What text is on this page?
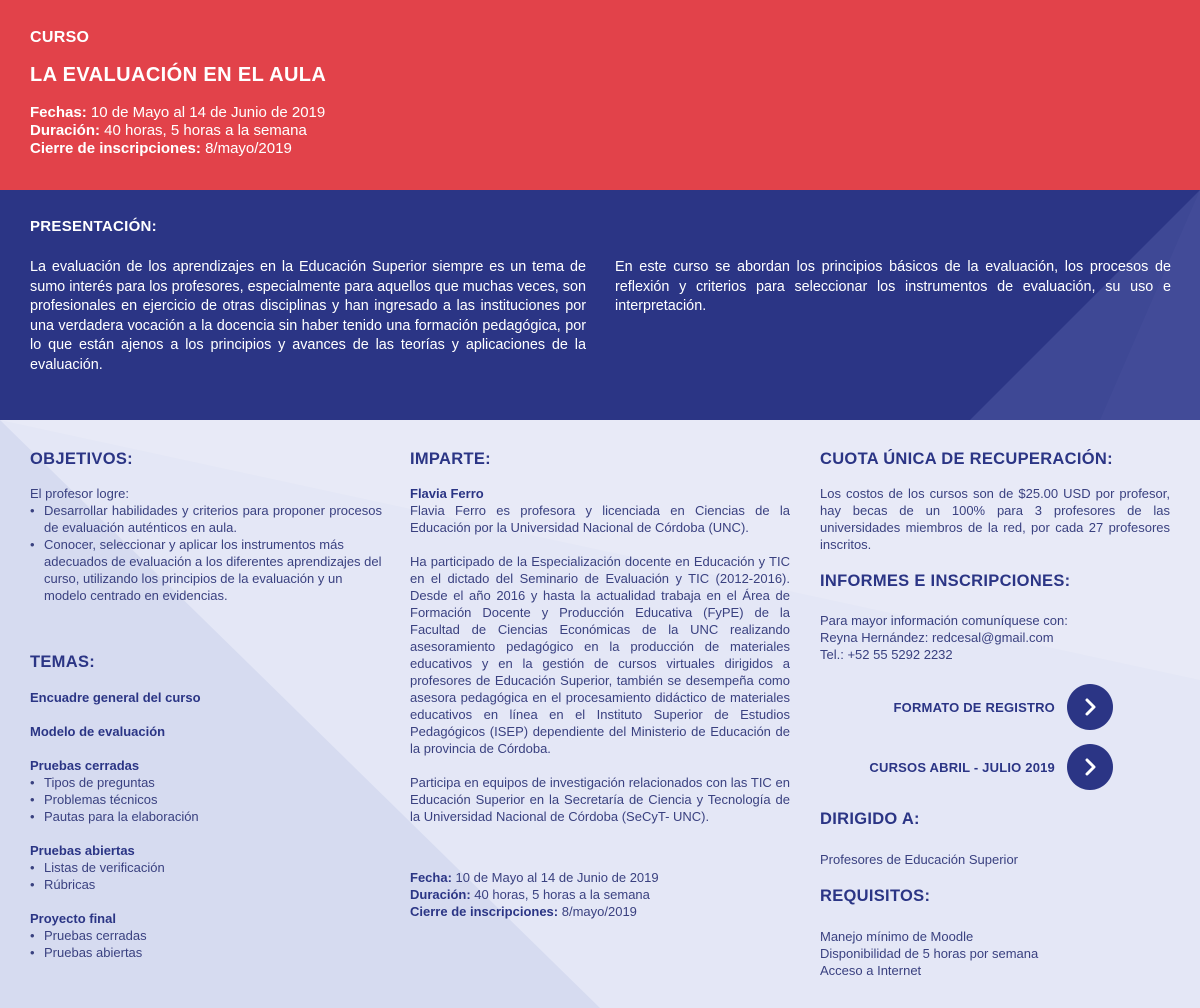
CURSO
LA EVALUACIÓN EN EL AULA
Fechas: 10 de Mayo al 14 de Junio de 2019
Duración: 40 horas, 5 horas a la semana
Cierre de inscripciones: 8/mayo/2019
PRESENTACIÓN:

La evaluación de los aprendizajes en la Educación Superior siempre es un tema de sumo interés para los profesores, especialmente para aquellos que muchas veces, son profesionales en ejercicio de otras disciplinas y han ingresado a las instituciones por una verdadera vocación a la docencia sin haber tenido una formación pedagógica, por lo que están ajenos a los principios y avances de las teorías y aplicaciones de la evaluación.

En este curso se abordan los principios básicos de la evaluación, los procesos de reflexión y criterios para seleccionar los instrumentos de evaluación, su uso e interpretación.

OBJETIVOS:
El profesor logre:
• Desarrollar habilidades y criterios para proponer procesos de evaluación auténticos en aula.
• Conocer, seleccionar y aplicar los instrumentos más adecuados de evaluación a los diferentes aprendizajes del curso, utilizando los principios de la evaluación y un modelo centrado en evidencias.
TEMAS:
Encuadre general del curso
Modelo de evaluación
Pruebas cerradas
• Tipos de preguntas
• Problemas técnicos
• Pautas para la elaboración
Pruebas abiertas
• Listas de verificación
• Rúbricas
Proyecto final
• Pruebas cerradas
• Pruebas abiertas
IMPARTE:
Flavia Ferro

Flavia Ferro es profesora y licenciada en Ciencias de la Educación por la Universidad Nacional de Córdoba (UNC).

Ha participado de la Especialización docente en Educación y TIC en el dictado del Seminario de Evaluación y TIC (2012-2016). Desde el año 2016 y hasta la actualidad trabaja en el Área de Formación Docente y Producción Educativa (FyPE) de la Facultad de Ciencias Económicas de la UNC realizando asesoramiento pedagógico en la producción de materiales educativos y en la gestión de cursos virtuales dirigidos a profesores de Educación Superior, también se desempeña como asesora pedagógica en el procesamiento didáctico de materiales educativos en línea en el Instituto Superior de Estudios Pedagógicos (ISEP) dependiente del Ministerio de Educación de la provincia de Córdoba.

Participa en equipos de investigación relacionados con las TIC en Educación Superior en la Secretaría de Ciencia y Tecnología de la Universidad Nacional de Córdoba (SeCyT- UNC).

Fecha: 10 de Mayo al 14 de Junio de 2019
Duración: 40 horas, 5 horas a la semana
Cierre de inscripciones: 8/mayo/2019
CUOTA ÚNICA DE RECUPERACIÓN:

Los costos de los cursos son de $25.00 USD por profesor, hay becas de un 100% para 3 profesores de las universidades miembros de la red, por cada 27 profesores inscritos.

INFORMES E INSCRIPCIONES:
Para mayor información comuníquese con:
Reyna Hernández: redcesal@gmail.com
Tel.: +52 55 5292 2232
FORMATO DE REGISTRO
CURSOS ABRIL - JULIO 2019
DIRIGIDO A:
Profesores de Educación Superior
REQUISITOS:
Manejo mínimo de Moodle
Disponibilidad de 5 horas por semana
Acceso a Internet
